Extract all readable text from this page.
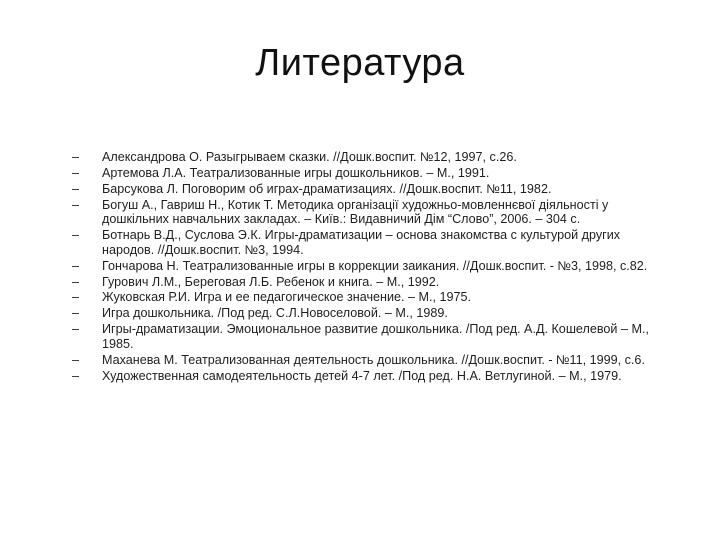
Литература
–	Александрова О. Разыгрываем сказки. //Дошк.воспит. №12, 1997, с.26.
–	Артемова Л.А. Театрализованные игры дошкольников. – М., 1991.
–	Барсукова Л. Поговорим об играх-драматизациях. //Дошк.воспит. №11, 1982.
–	Богуш А., Гавриш Н., Котик Т. Методика організації художньо-мовленнєвої діяльності у дошкільних навчальних закладах. – Київ.: Видавничий Дім “Слово”, 2006. – 304 с.
–	Ботнарь В.Д., Суслова Э.К. Игры-драматизации – основа знакомства с культурой других народов. //Дошк.воспит. №3, 1994.
–	Гончарова Н. Театрализованные игры в коррекции заикания. //Дошк.воспит. - №3, 1998, с.82.
–	Гурович Л.М., Береговая Л.Б. Ребенок и книга. – М., 1992.
–	Жуковская Р.И. Игра и ее педагогическое значение. – М., 1975.
–	Игра дошкольника. /Под ред. С.Л.Новоселовой. – М., 1989.
–	Игры-драматизации. Эмоциональное развитие дошкольника. /Под ред. А.Д. Кошелевой – М., 1985.
–	Маханева М. Театрализованная деятельность дошкольника. //Дошк.воспит. - №11, 1999, с.6.
–	Художественная самодеятельность детей 4-7 лет. /Под ред. Н.А. Ветлугиной. – М., 1979.
